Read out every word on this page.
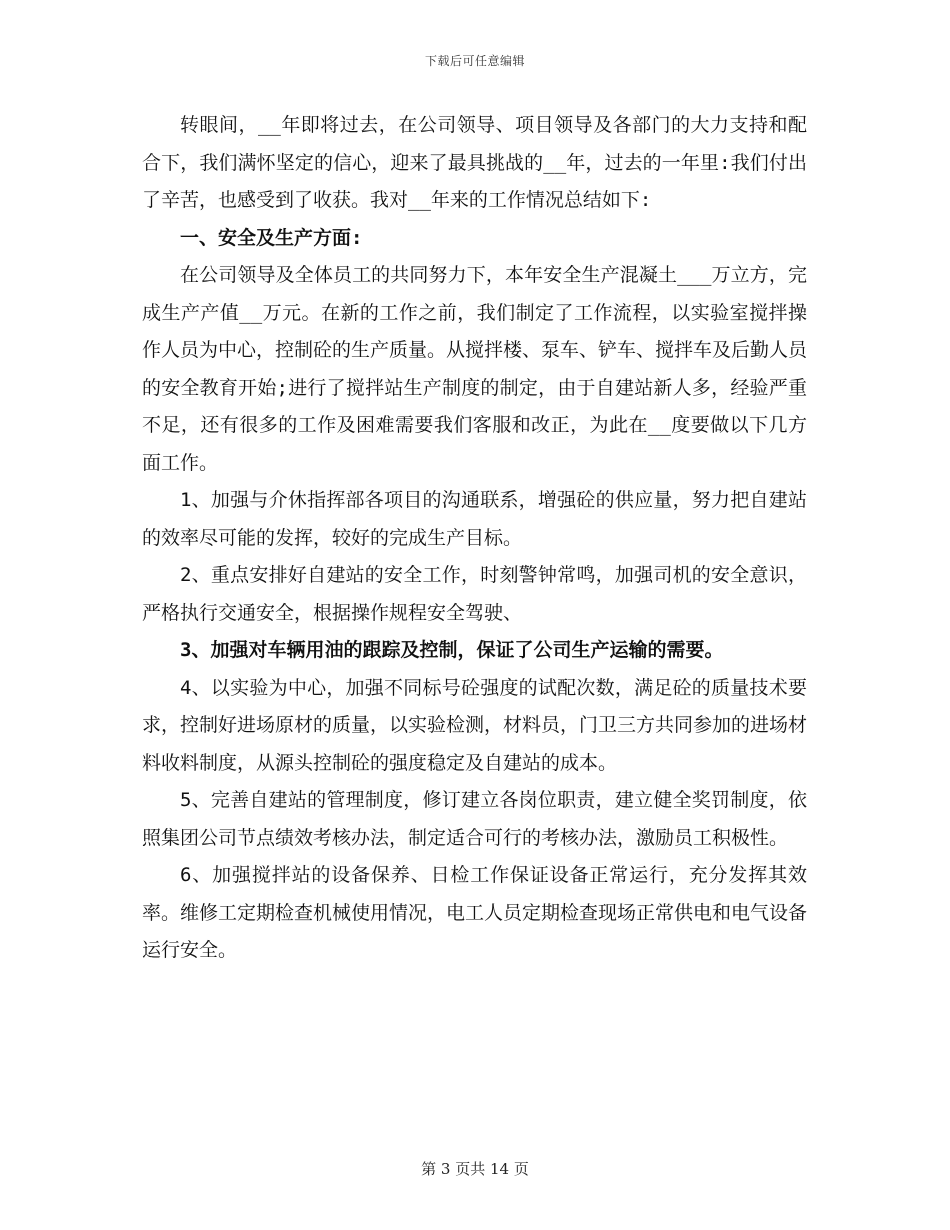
下载后可任意编辑

转眼间，__年即将过去，在公司领导、项目领导及各部门的大力支持和配合下，我们满怀坚定的信心，迎来了最具挑战的__年，过去的一年里:我们付出了辛苦，也感受到了收获。我对__年来的工作情况总结如下:

一、安全及生产方面:

在公司领导及全体员工的共同努力下，本年安全生产混凝土___万立方，完成生产产值__万元。在新的工作之前，我们制定了工作流程，以实验室搅拌操作人员为中心，控制砼的生产质量。从搅拌楼、泵车、铲车、搅拌车及后勤人员的安全教育开始;进行了搅拌站生产制度的制定，由于自建站新人多，经验严重不足，还有很多的工作及困难需要我们客服和改正，为此在__度要做以下几方面工作。

1、加强与介休指挥部各项目的沟通联系，增强砼的供应量，努力把自建站的效率尽可能的发挥，较好的完成生产目标。

2、重点安排好自建站的安全工作，时刻警钟常鸣，加强司机的安全意识，严格执行交通安全，根据操作规程安全驾驶、

3、加强对车辆用油的跟踪及控制，保证了公司生产运输的需要。

4、以实验为中心，加强不同标号砼强度的试配次数，满足砼的质量技术要求，控制好进场原材的质量，以实验检测，材料员，门卫三方共同参加的进场材料收料制度，从源头控制砼的强度稳定及自建站的成本。

5、完善自建站的管理制度，修订建立各岗位职责，建立健全奖罚制度，依照集团公司节点绩效考核办法，制定适合可行的考核办法，激励员工积极性。

6、加强搅拌站的设备保养、日检工作保证设备正常运行，充分发挥其效率。维修工定期检查机械使用情况，电工人员定期检查现场正常供电和电气设备运行安全。

第 3 页共 14 页
